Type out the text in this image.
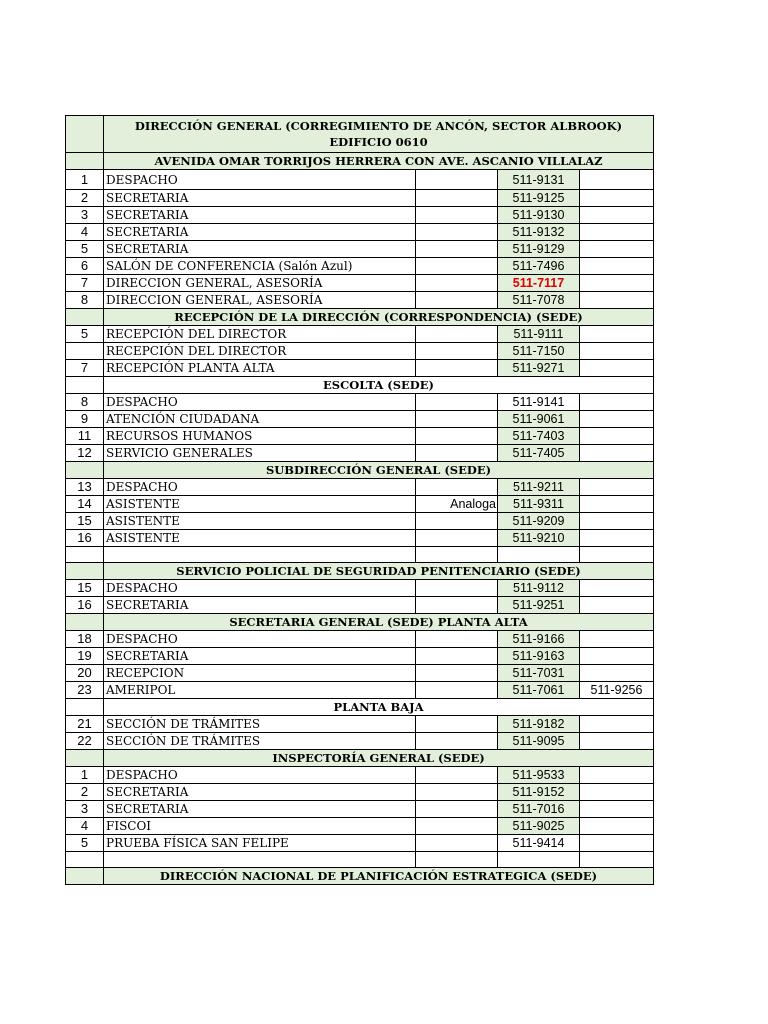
	DIRECCIÓN GENERAL (CORREGIMIENTO DE ANCÓN, SECTOR ALBROOK) EDIFICIO 0610			
	AVENIDA OMAR TORRIJOS HERRERA CON AVE. ASCANIO VILLALAZ			
1	DESPACHO		511-9131	
2	SECRETARIA		511-9125	
3	SECRETARIA		511-9130	
4	SECRETARIA		511-9132	
5	SECRETARIA		511-9129	
6	SALÓN DE CONFERENCIA (Salón Azul)		511-7496	
7	DIRECCION GENERAL, ASESORÍA		511-7117	
8	DIRECCION GENERAL, ASESORÍA		511-7078	
	RECEPCIÓN DE LA DIRECCIÓN (CORRESPONDENCIA) (SEDE)			
5	RECEPCIÓN DEL DIRECTOR		511-9111	
	RECEPCIÓN DEL DIRECTOR		511-7150	
7	RECEPCIÓN PLANTA ALTA		511-9271	
	ESCOLTA (SEDE)			
8	DESPACHO		511-9141	
9	ATENCIÓN CIUDADANA		511-9061	
11	RECURSOS HUMANOS		511-7403	
12	SERVICIO GENERALES		511-7405	
	SUBDIRECCIÓN GENERAL (SEDE)			
13	DESPACHO		511-9211	
14	ASISTENTE	Analoga	511-9311	
15	ASISTENTE		511-9209	
16	ASISTENTE		511-9210	

	SERVICIO POLICIAL DE SEGURIDAD PENITENCIARIO (SEDE)			
15	DESPACHO		511-9112	
16	SECRETARIA		511-9251	
	SECRETARIA GENERAL (SEDE) PLANTA ALTA			
18	DESPACHO		511-9166	
19	SECRETARIA		511-9163	
20	RECEPCION		511-7031	
23	AMERIPOL		511-7061	511-9256
	PLANTA BAJA			
21	SECCIÓN DE TRÁMITES		511-9182	
22	SECCIÓN DE TRÁMITES		511-9095	
	INSPECTORÍA GENERAL (SEDE)			
1	DESPACHO		511-9533	
2	SECRETARIA		511-9152	
3	SECRETARIA		511-7016	
4	FISCOI		511-9025	
5	PRUEBA FÍSICA SAN FELIPE		511-9414	

	DIRECCIÓN NACIONAL DE PLANIFICACIÓN ESTRATEGICA (SEDE)			
